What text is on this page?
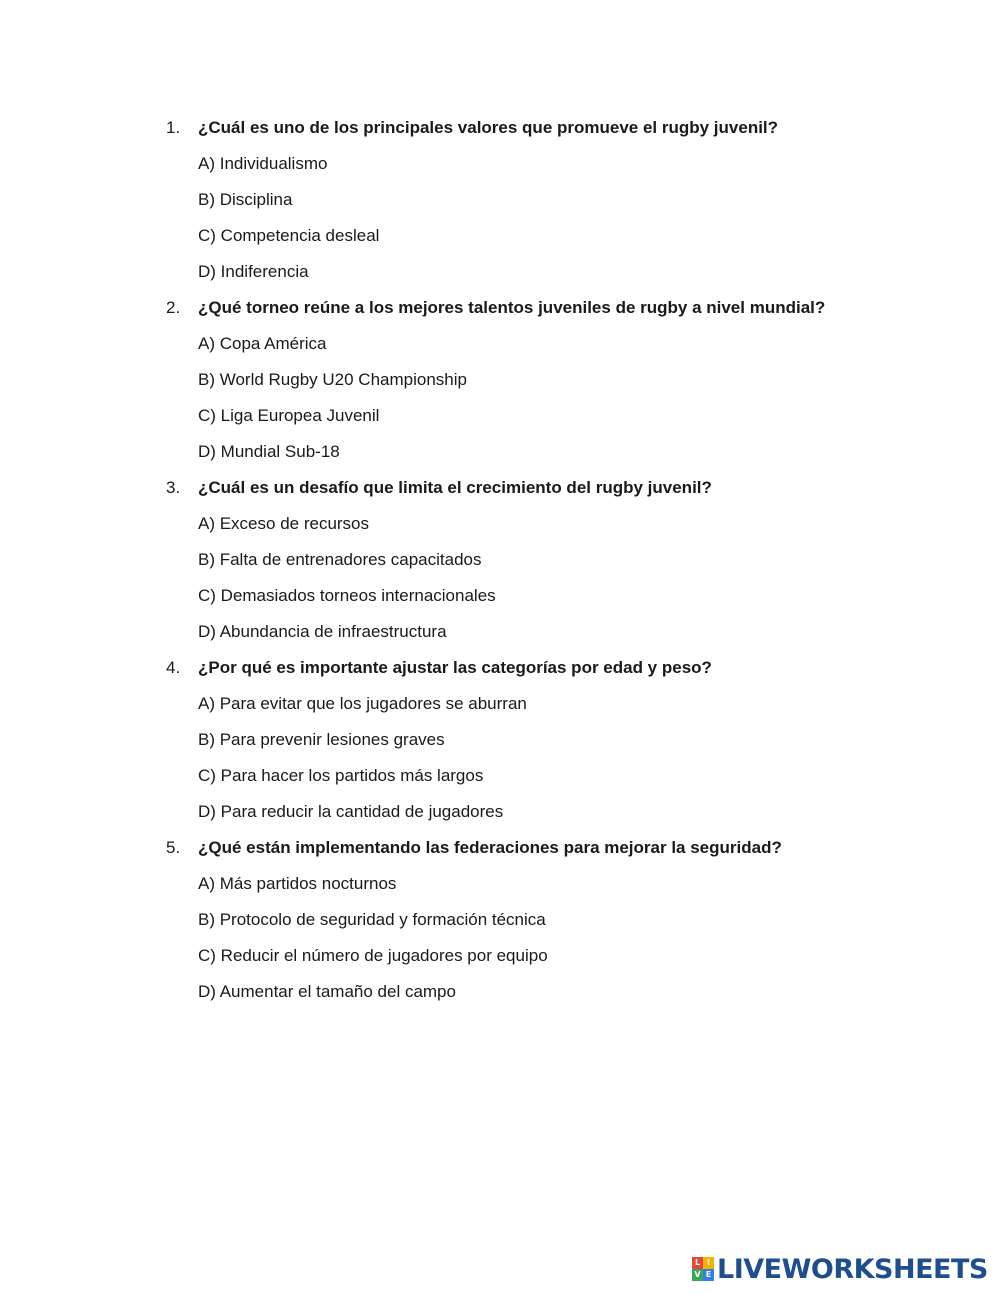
1.	¿Cuál es uno de los principales valores que promueve el rugby juvenil?
A) Individualismo
B) Disciplina
C) Competencia desleal
D) Indiferencia
2.	¿Qué torneo reúne a los mejores talentos juveniles de rugby a nivel mundial?
A) Copa América
B) World Rugby U20 Championship
C) Liga Europea Juvenil
D) Mundial Sub-18
3.	¿Cuál es un desafío que limita el crecimiento del rugby juvenil?
A) Exceso de recursos
B) Falta de entrenadores capacitados
C) Demasiados torneos internacionales
D) Abundancia de infraestructura
4.	¿Por qué es importante ajustar las categorías por edad y peso?
A) Para evitar que los jugadores se aburran
B) Para prevenir lesiones graves
C) Para hacer los partidos más largos
D) Para reducir la cantidad de jugadores
5.	¿Qué están implementando las federaciones para mejorar la seguridad?
A) Más partidos nocturnos
B) Protocolo de seguridad y formación técnica
C) Reducir el número de jugadores por equipo
D) Aumentar el tamaño del campo
L I
V E LIVEWORKSHEETS
